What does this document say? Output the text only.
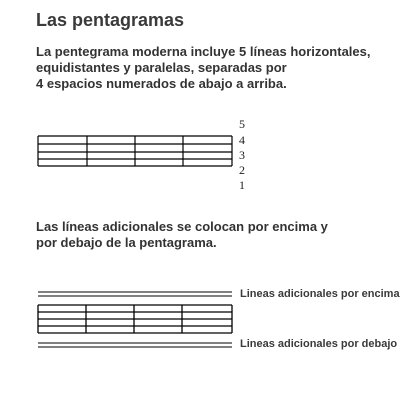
Las pentagramas
La pentegrama moderna incluye 5 líneas horizontales,
equidistantes y paralelas, separadas por
4 espacios numerados de abajo a arriba.
5
4
3
2
1
Las líneas adicionales se colocan por encima y
por debajo de la pentagrama.
Lineas adicionales por encima
Lineas adicionales por debajo
